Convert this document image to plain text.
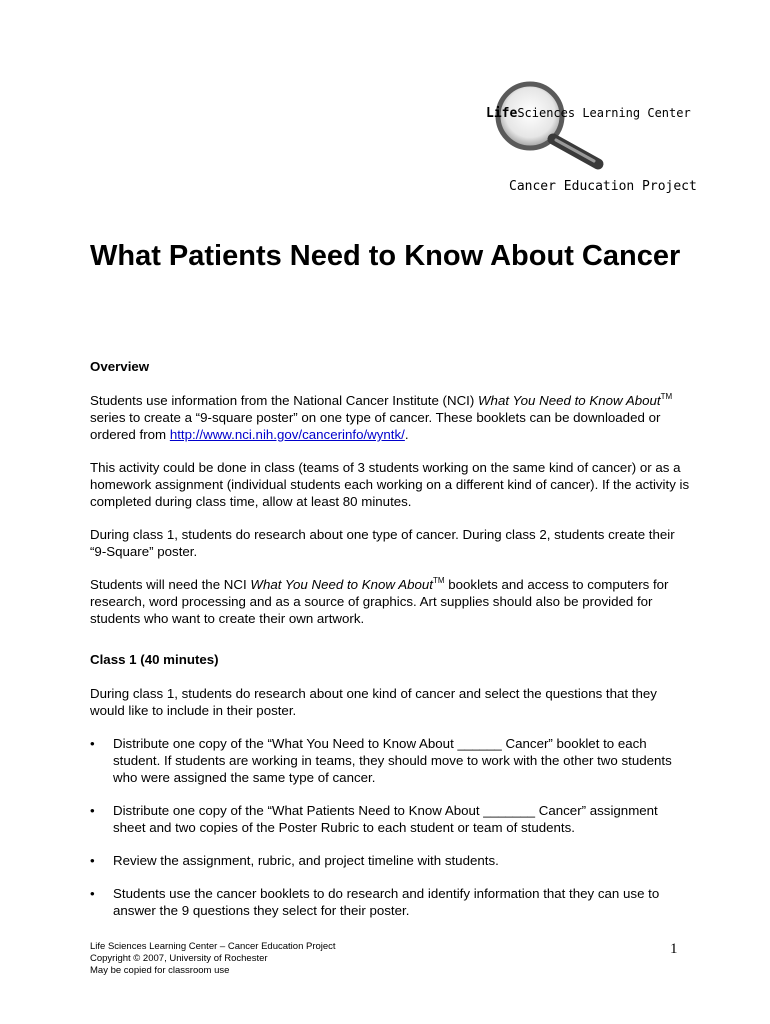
LifeSciences Learning Center
Cancer Education Project
What Patients Need to Know About Cancer

Overview

Students use information from the National Cancer Institute (NCI) What You Need to Know About™ series to create a “9-square poster” on one type of cancer. These booklets can be downloaded or ordered from http://www.nci.nih.gov/cancerinfo/wyntk/.

This activity could be done in class (teams of 3 students working on the same kind of cancer) or as a homework assignment (individual students each working on a different kind of cancer). If the activity is completed during class time, allow at least 80 minutes.

During class 1, students do research about one type of cancer. During class 2, students create their “9-Square” poster.

Students will need the NCI What You Need to Know About™ booklets and access to computers for research, word processing and as a source of graphics. Art supplies should also be provided for students who want to create their own artwork.

Class 1 (40 minutes)

During class 1, students do research about one kind of cancer and select the questions that they would like to include in their poster.

• Distribute one copy of the “What You Need to Know About ______ Cancer” booklet to each student. If students are working in teams, they should move to work with the other two students who were assigned the same type of cancer.
• Distribute one copy of the “What Patients Need to Know About _______ Cancer” assignment sheet and two copies of the Poster Rubric to each student or team of students.
• Review the assignment, rubric, and project timeline with students.
• Students use the cancer booklets to do research and identify information that they can use to answer the 9 questions they select for their poster.
Life Sciences Learning Center – Cancer Education Project
Copyright © 2007, University of Rochester
May be copied for classroom use
1
